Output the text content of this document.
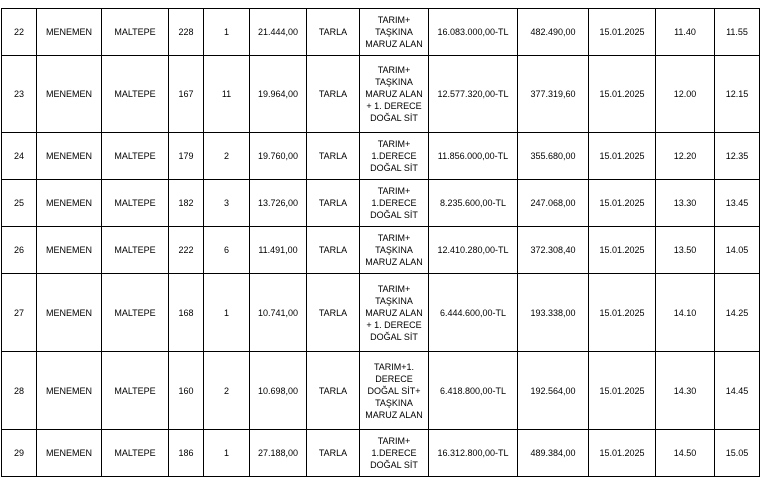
22	MENEMEN	MALTEPE	228	1	21.444,00	TARLA	TARIM+
TAŞKINA
MARUZ ALAN	16.083.000,00-TL	482.490,00	15.01.2025	11.40	11.55
23	MENEMEN	MALTEPE	167	11	19.964,00	TARLA	TARIM+
TAŞKINA
MARUZ ALAN
+ 1. DERECE
DOĞAL SİT	12.577.320,00-TL	377.319,60	15.01.2025	12.00	12.15
24	MENEMEN	MALTEPE	179	2	19.760,00	TARLA	TARIM+
1.DERECE
DOĞAL SİT	11.856.000,00-TL	355.680,00	15.01.2025	12.20	12.35
25	MENEMEN	MALTEPE	182	3	13.726,00	TARLA	TARIM+
1.DERECE
DOĞAL SİT	8.235.600,00-TL	247.068,00	15.01.2025	13.30	13.45
26	MENEMEN	MALTEPE	222	6	11.491,00	TARLA	TARIM+
TAŞKINA
MARUZ ALAN	12.410.280,00-TL	372.308,40	15.01.2025	13.50	14.05
27	MENEMEN	MALTEPE	168	1	10.741,00	TARLA	TARIM+
TAŞKINA
MARUZ ALAN
+ 1. DERECE
DOĞAL SİT	6.444.600,00-TL	193.338,00	15.01.2025	14.10	14.25
28	MENEMEN	MALTEPE	160	2	10.698,00	TARLA	TARIM+1.
DERECE
DOĞAL SİT+
TAŞKINA
MARUZ ALAN	6.418.800,00-TL	192.564,00	15.01.2025	14.30	14.45
29	MENEMEN	MALTEPE	186	1	27.188,00	TARLA	TARIM+
1.DERECE
DOĞAL SİT	16.312.800,00-TL	489.384,00	15.01.2025	14.50	15.05
